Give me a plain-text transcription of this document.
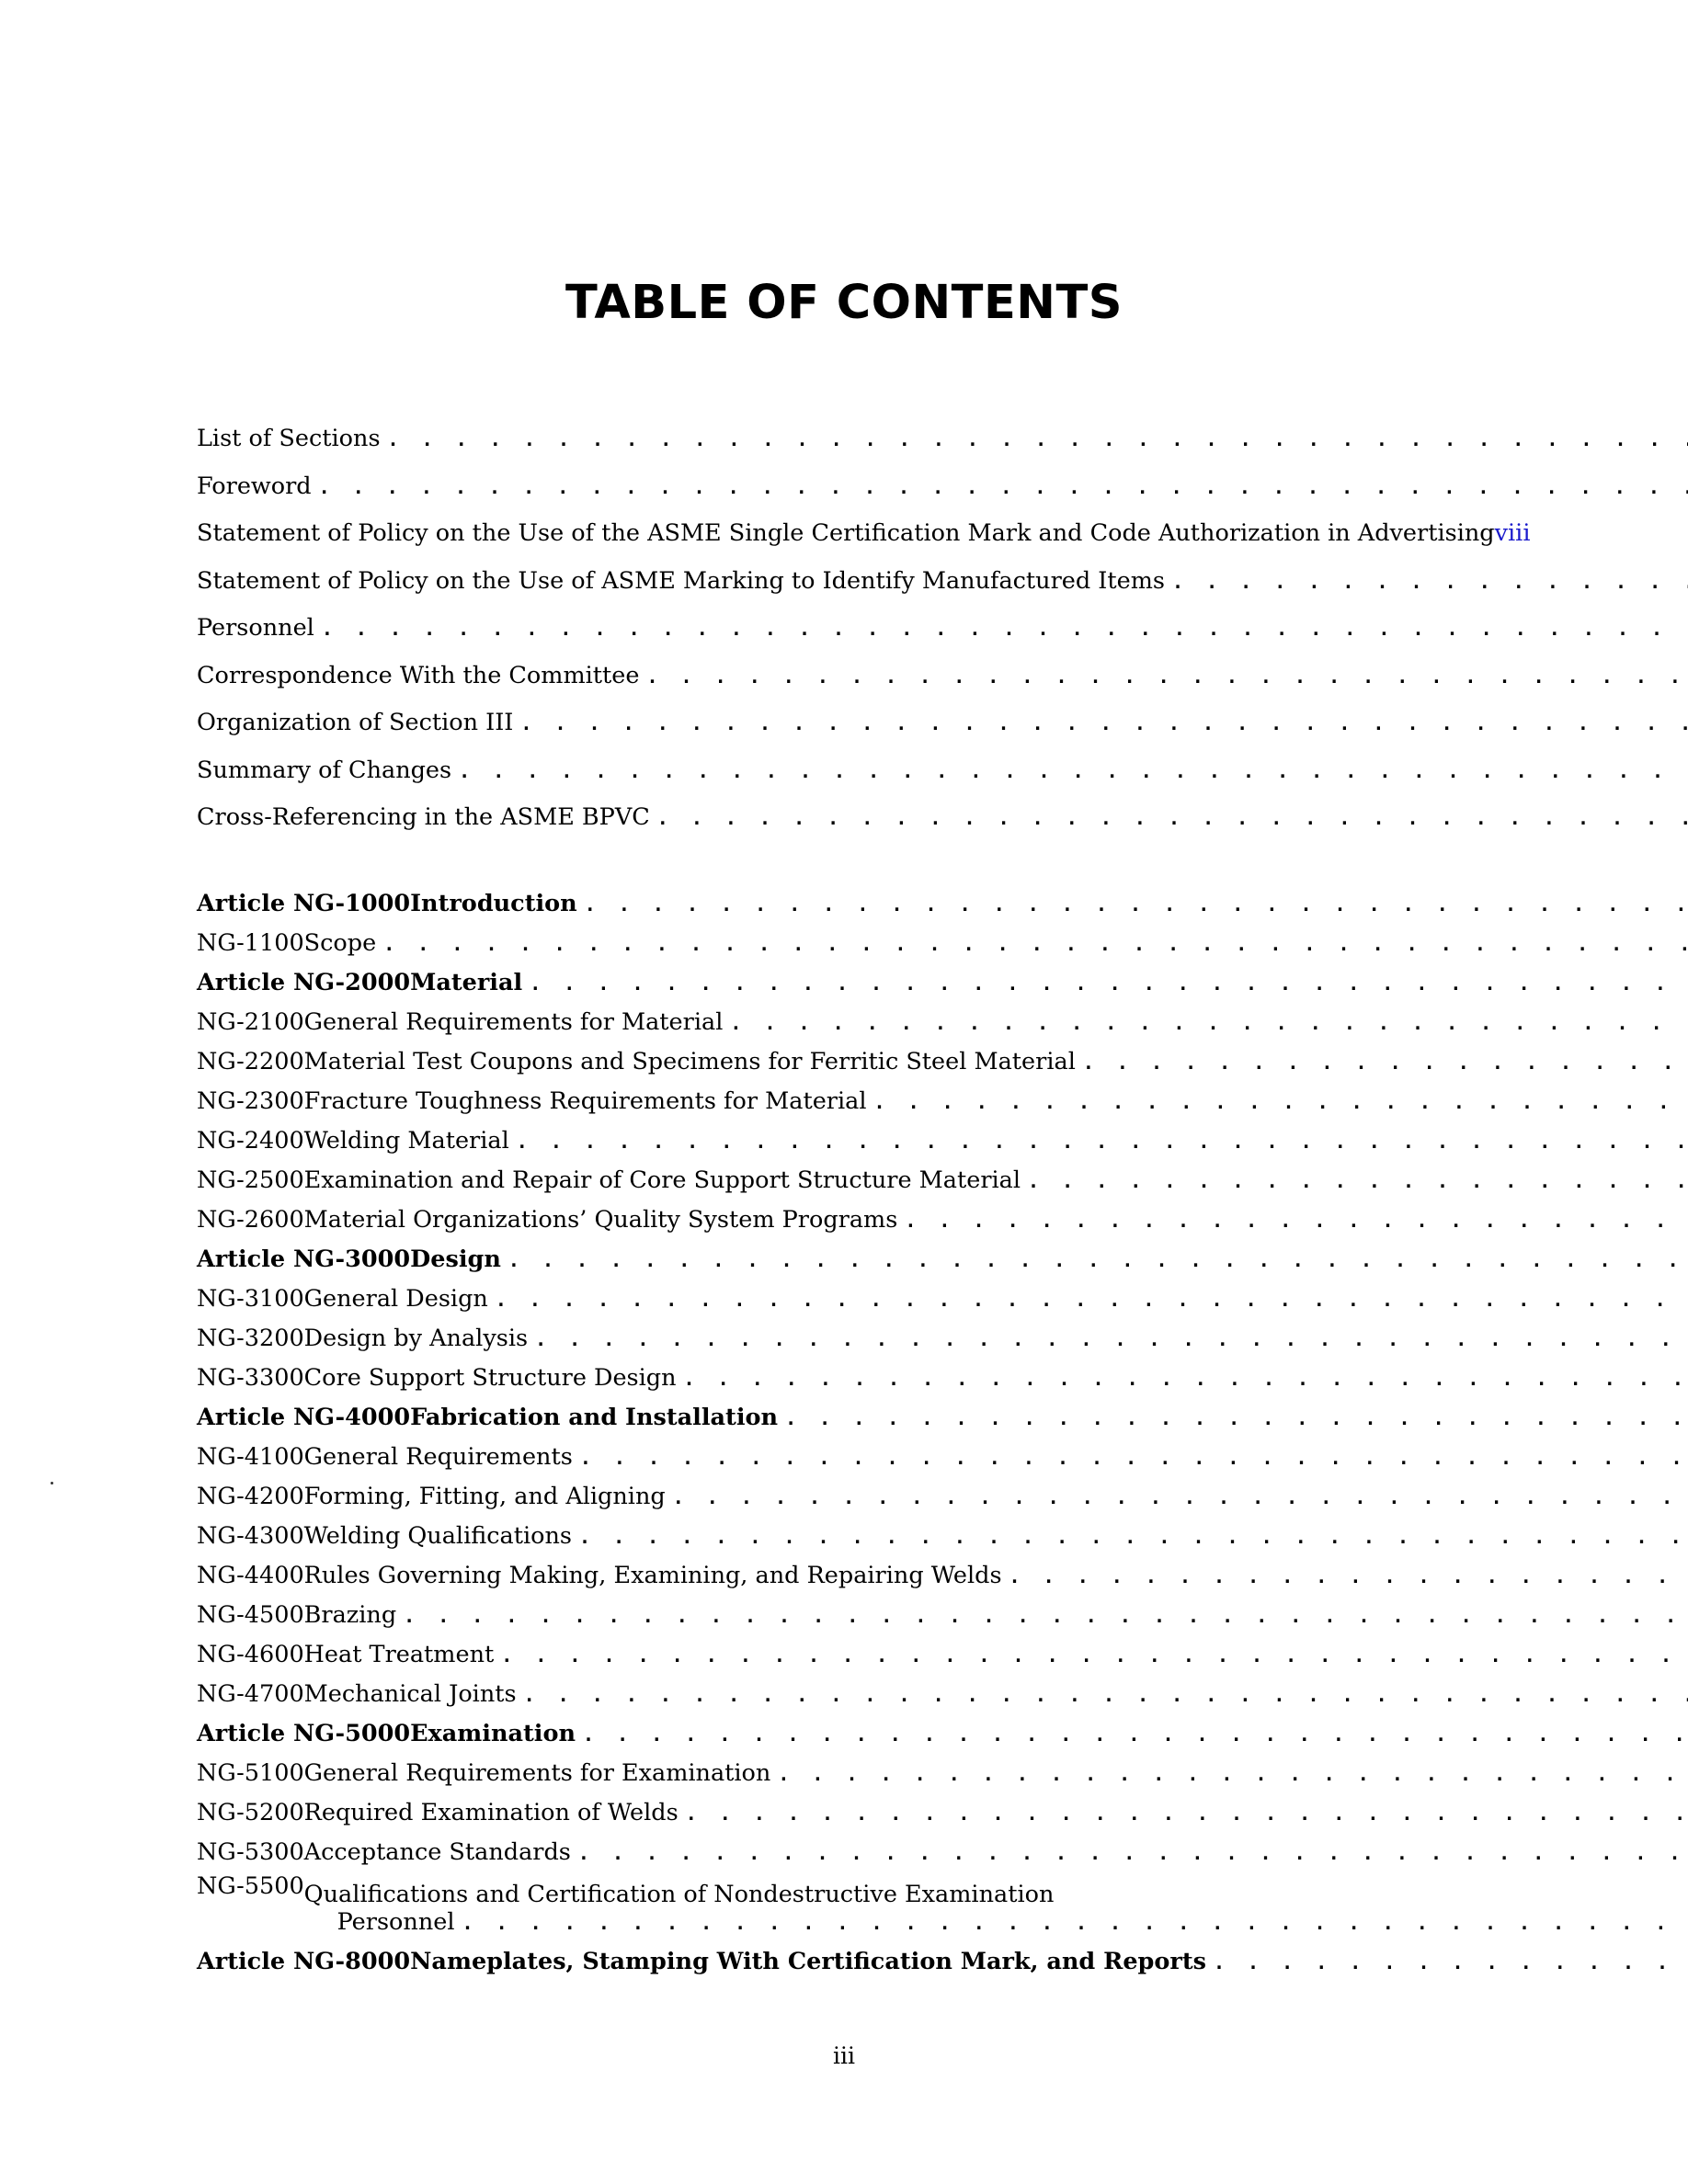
TABLE OF CONTENTS
List of Sections
. . .
Foreword
. . .
Statement of Policy on the Use of the ASME Single Certification Mark and Code Authorization in Advertising viii
Statement of Policy on the Use of ASME Marking to Identify Manufactured Items
. . .
Personnel
. . .
Correspondence With the Committee
. . .
Organization of Section III
. . .
Summary of Changes
. . .
Cross-Referencing in the ASME BPVC
. . .
Article NG-1000 Introduction
. . .
NG-1100 Scope
. . .
Article NG-2000 Material
. . .
NG-2100 General Requirements for Material
. . .
NG-2200 Material Test Coupons and Specimens for Ferritic Steel Material
. . .
NG-2300 Fracture Toughness Requirements for Material
. . .
NG-2400 Welding Material
. . .
NG-2500 Examination and Repair of Core Support Structure Material
. . .
NG-2600 Material Organizations’ Quality System Programs
. . .
Article NG-3000 Design
. . .
NG-3100 General Design
. . .
NG-3200 Design by Analysis
. . .
NG-3300 Core Support Structure Design
. . .
Article NG-4000 Fabrication and Installation
. . .
NG-4100 General Requirements
. . .
NG-4200 Forming, Fitting, and Aligning
. . .
NG-4300 Welding Qualifications
. . .
NG-4400 Rules Governing Making, Examining, and Repairing Welds
. . .
NG-4500 Brazing
. . .
NG-4600 Heat Treatment
. . .
NG-4700 Mechanical Joints
. . .
Article NG-5000 Examination
. . .
NG-5100 General Requirements for Examination
. . .
NG-5200 Required Examination of Welds
. . .
NG-5300 Acceptance Standards
. . .
NG-5500 Qualifications and Certification of Nondestructive Examination
Personnel
. . .
Article NG-8000 Nameplates, Stamping With Certification Mark, and Reports
. . .
iii
